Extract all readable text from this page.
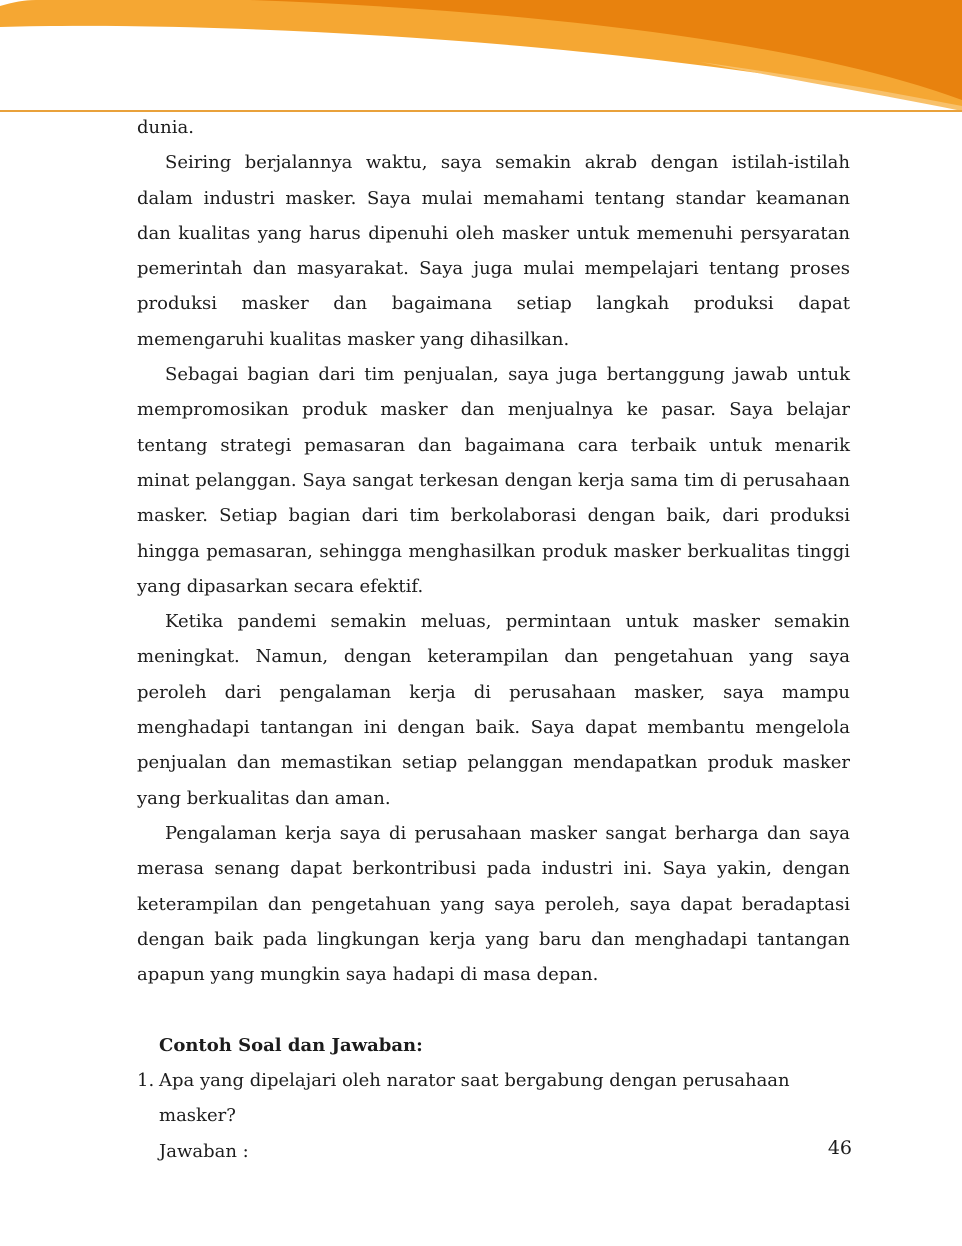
dunia.

Seiring berjalannya waktu, saya semakin akrab dengan istilah-istilah dalam industri masker. Saya mulai memahami tentang standar keamanan dan kualitas yang harus dipenuhi oleh masker untuk memenuhi persyaratan pemerintah dan masyarakat. Saya juga mulai mempelajari tentang proses produksi masker dan bagaimana setiap langkah produksi dapat memengaruhi kualitas masker yang dihasilkan.

Sebagai bagian dari tim penjualan, saya juga bertanggung jawab untuk mempromosikan produk masker dan menjualnya ke pasar. Saya belajar tentang strategi pemasaran dan bagaimana cara terbaik untuk menarik minat pelanggan. Saya sangat terkesan dengan kerja sama tim di perusahaan masker. Setiap bagian dari tim berkolaborasi dengan baik, dari produksi hingga pemasaran, sehingga menghasilkan produk masker berkualitas tinggi yang dipasarkan secara efektif.

Ketika pandemi semakin meluas, permintaan untuk masker semakin meningkat. Namun, dengan keterampilan dan pengetahuan yang saya peroleh dari pengalaman kerja di perusahaan masker, saya mampu menghadapi tantangan ini dengan baik. Saya dapat membantu mengelola penjualan dan memastikan setiap pelanggan mendapatkan produk masker yang berkualitas dan aman.

Pengalaman kerja saya di perusahaan masker sangat berharga dan saya merasa senang dapat berkontribusi pada industri ini. Saya yakin, dengan keterampilan dan pengetahuan yang saya peroleh, saya dapat beradaptasi dengan baik pada lingkungan kerja yang baru dan menghadapi tantangan apapun yang mungkin saya hadapi di masa depan.

Contoh Soal dan Jawaban:
1. Apa yang dipelajari oleh narator saat bergabung dengan perusahaan masker?

Jawaban :	46
